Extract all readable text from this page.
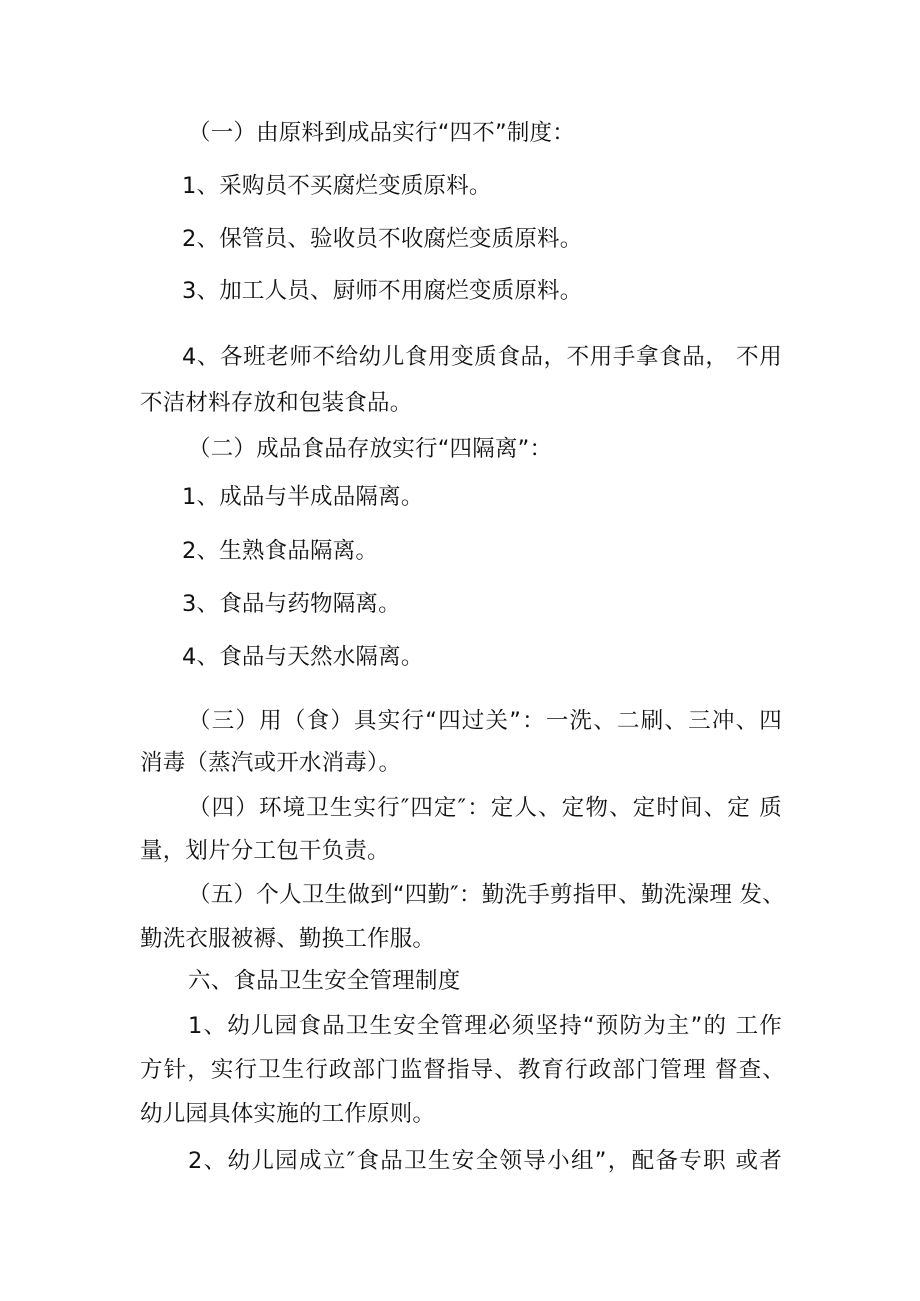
（一）由原料到成品实行“四不”制度：
1、采购员不买腐烂变质原料。
2、保管员、验收员不收腐烂变质原料。
3、加工人员、厨师不用腐烂变质原料。
4、各班老师不给幼儿食用变质食品，不用手拿食品， 不用
不洁材料存放和包装食品。
（二）成品食品存放实行“四隔离”：
1、成品与半成品隔离。
2、生熟食品隔离。
3、食品与药物隔离。
4、食品与天然水隔离。
（三）用（食）具实行“四过关”：一洗、二刷、三冲、四
消毒（蒸汽或开水消毒）。
（四）环境卫生实行″四定″：定人、定物、定时间、定 质
量，划片分工包干负责。
（五）个人卫生做到“四勤″：勤洗手剪指甲、勤洗澡理 发、
勤洗衣服被褥、勤换工作服。
六、食品卫生安全管理制度
1、幼儿园食品卫生安全管理必须坚持“预防为主”的 工作
方针，实行卫生行政部门监督指导、教育行政部门管理 督查、
幼儿园具体实施的工作原则。
2、幼儿园成立″食品卫生安全领导小组”，配备专职 或者
